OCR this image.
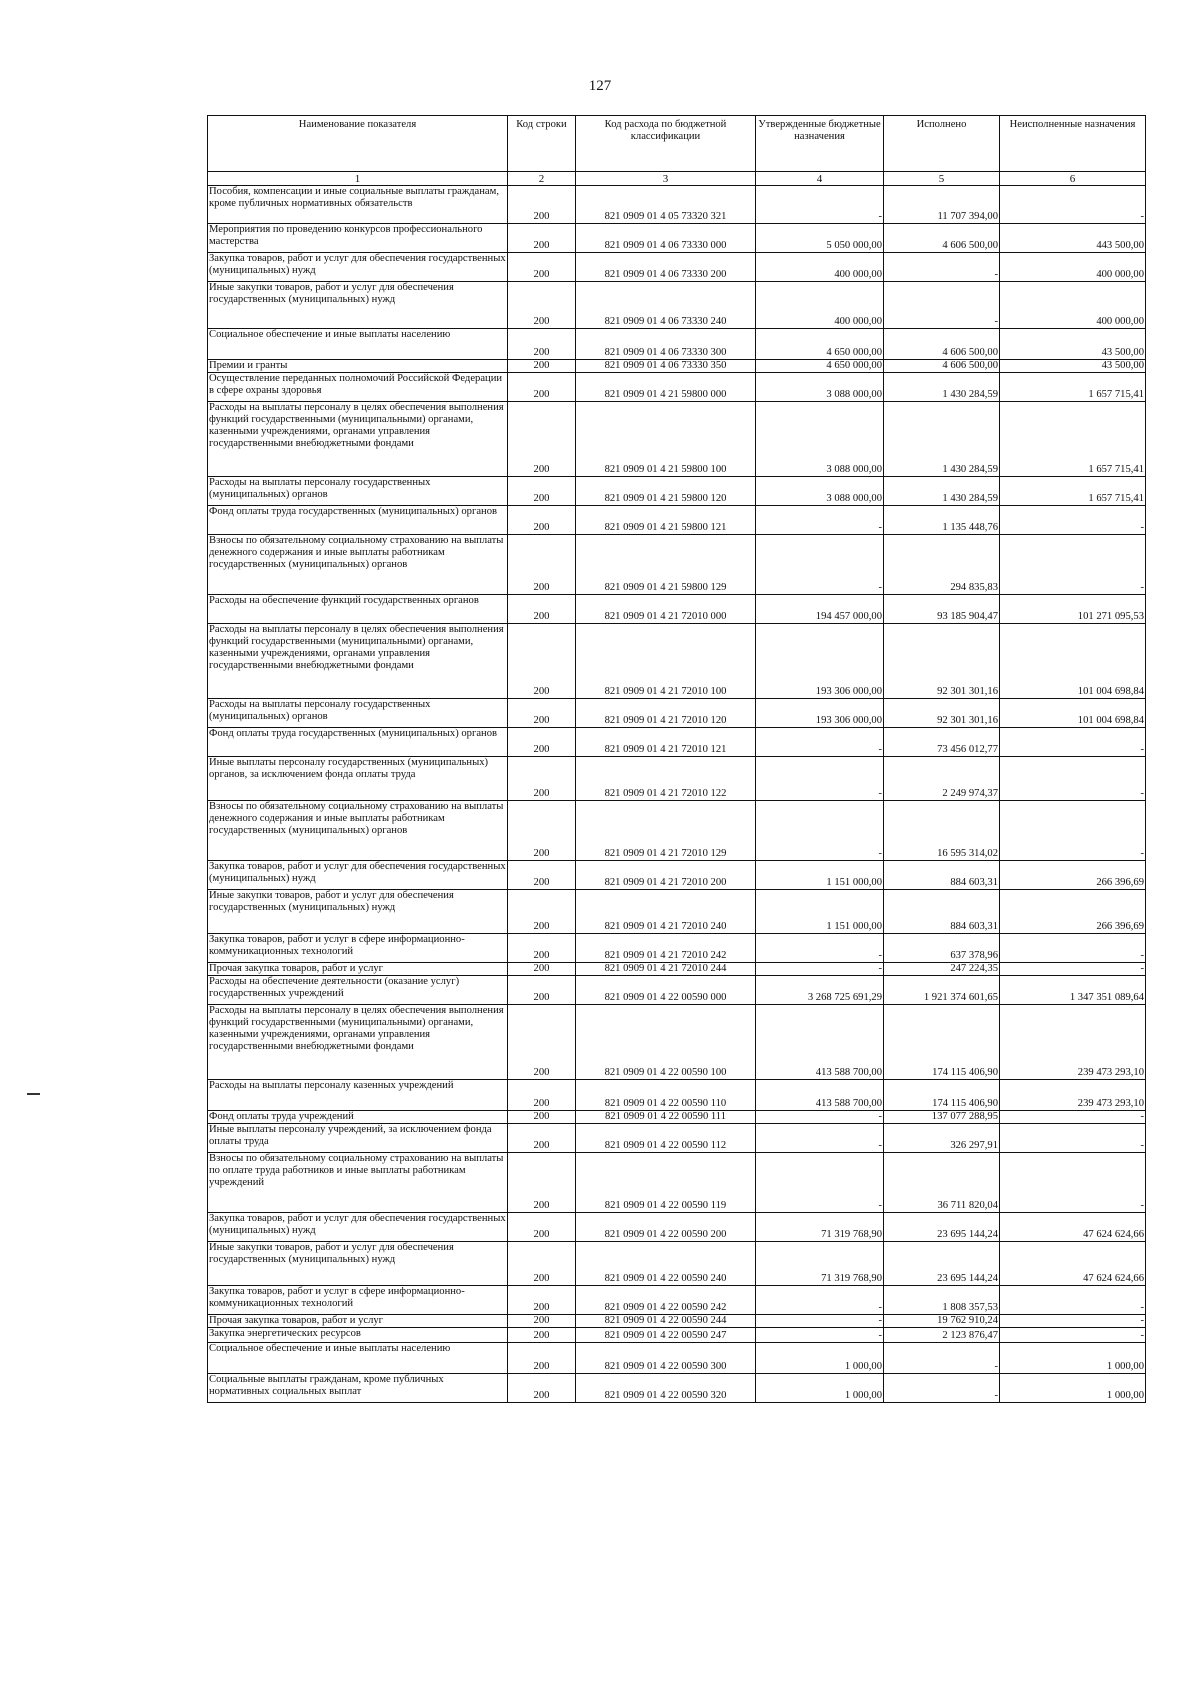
127
Наименование показателя	Код строки	Код расхода по бюджетной классификации	Утвержденные бюджетные назначения	Исполнено	Неисполненные назначения
1	2	3	4	5	6
Пособия, компенсации и иные социальные выплаты гражданам, кроме публичных нормативных обязательств	200	821 0909 01 4 05 73320 321	-	11 707 394,00	-
Мероприятия по проведению конкурсов профессионального мастерства	200	821 0909 01 4 06 73330 000	5 050 000,00	4 606 500,00	443 500,00
Закупка товаров, работ и услуг для обеспечения государственных (муниципальных) нужд	200	821 0909 01 4 06 73330 200	400 000,00	-	400 000,00
Иные закупки товаров, работ и услуг для обеспечения государственных (муниципальных) нужд	200	821 0909 01 4 06 73330 240	400 000,00	-	400 000,00
Социальное обеспечение и иные выплаты населению	200	821 0909 01 4 06 73330 300	4 650 000,00	4 606 500,00	43 500,00
Премии и гранты	200	821 0909 01 4 06 73330 350	4 650 000,00	4 606 500,00	43 500,00
Осуществление переданных полномочий Российской Федерации в сфере охраны здоровья	200	821 0909 01 4 21 59800 000	3 088 000,00	1 430 284,59	1 657 715,41
Расходы на выплаты персоналу в целях обеспечения выполнения функций государственными (муниципальными) органами, казенными учреждениями, органами управления государственными внебюджетными фондами	200	821 0909 01 4 21 59800 100	3 088 000,00	1 430 284,59	1 657 715,41
Расходы на выплаты персоналу государственных (муниципальных) органов	200	821 0909 01 4 21 59800 120	3 088 000,00	1 430 284,59	1 657 715,41
Фонд оплаты труда государственных (муниципальных) органов	200	821 0909 01 4 21 59800 121	-	1 135 448,76	-
Взносы по обязательному социальному страхованию на выплаты денежного содержания и иные выплаты работникам государственных (муниципальных) органов	200	821 0909 01 4 21 59800 129	-	294 835,83	-
Расходы на обеспечение функций государственных органов	200	821 0909 01 4 21 72010 000	194 457 000,00	93 185 904,47	101 271 095,53
Расходы на выплаты персоналу в целях обеспечения выполнения функций государственными (муниципальными) органами, казенными учреждениями, органами управления государственными внебюджетными фондами	200	821 0909 01 4 21 72010 100	193 306 000,00	92 301 301,16	101 004 698,84
Расходы на выплаты персоналу государственных (муниципальных) органов	200	821 0909 01 4 21 72010 120	193 306 000,00	92 301 301,16	101 004 698,84
Фонд оплаты труда государственных (муниципальных) органов	200	821 0909 01 4 21 72010 121	-	73 456 012,77	-
Иные выплаты персоналу государственных (муниципальных) органов, за исключением фонда оплаты труда	200	821 0909 01 4 21 72010 122	-	2 249 974,37	-
Взносы по обязательному социальному страхованию на выплаты денежного содержания и иные выплаты работникам государственных (муниципальных) органов	200	821 0909 01 4 21 72010 129	-	16 595 314,02	-
Закупка товаров, работ и услуг для обеспечения государственных (муниципальных) нужд	200	821 0909 01 4 21 72010 200	1 151 000,00	884 603,31	266 396,69
Иные закупки товаров, работ и услуг для обеспечения государственных (муниципальных) нужд	200	821 0909 01 4 21 72010 240	1 151 000,00	884 603,31	266 396,69
Закупка товаров, работ и услуг в сфере информационно-коммуникационных технологий	200	821 0909 01 4 21 72010 242	-	637 378,96	-
Прочая закупка товаров, работ и услуг	200	821 0909 01 4 21 72010 244	-	247 224,35	-
Расходы на обеспечение деятельности (оказание услуг) государственных учреждений	200	821 0909 01 4 22 00590 000	3 268 725 691,29	1 921 374 601,65	1 347 351 089,64
Расходы на выплаты персоналу в целях обеспечения выполнения функций государственными (муниципальными) органами, казенными учреждениями, органами управления государственными внебюджетными фондами	200	821 0909 01 4 22 00590 100	413 588 700,00	174 115 406,90	239 473 293,10
Расходы на выплаты персоналу казенных учреждений	200	821 0909 01 4 22 00590 110	413 588 700,00	174 115 406,90	239 473 293,10
Фонд оплаты труда учреждений	200	821 0909 01 4 22 00590 111	-	137 077 288,95	-
Иные выплаты персоналу учреждений, за исключением фонда оплаты труда	200	821 0909 01 4 22 00590 112	-	326 297,91	-
Взносы по обязательному социальному страхованию на выплаты по оплате труда работников и иные выплаты работникам учреждений	200	821 0909 01 4 22 00590 119	-	36 711 820,04	-
Закупка товаров, работ и услуг для обеспечения государственных (муниципальных) нужд	200	821 0909 01 4 22 00590 200	71 319 768,90	23 695 144,24	47 624 624,66
Иные закупки товаров, работ и услуг для обеспечения государственных (муниципальных) нужд	200	821 0909 01 4 22 00590 240	71 319 768,90	23 695 144,24	47 624 624,66
Закупка товаров, работ и услуг в сфере информационно-коммуникационных технологий	200	821 0909 01 4 22 00590 242	-	1 808 357,53	-
Прочая закупка товаров, работ и услуг	200	821 0909 01 4 22 00590 244	-	19 762 910,24	-
Закупка энергетических ресурсов	200	821 0909 01 4 22 00590 247	-	2 123 876,47	-
Социальное обеспечение и иные выплаты населению	200	821 0909 01 4 22 00590 300	1 000,00	-	1 000,00
Социальные выплаты гражданам, кроме публичных нормативных социальных выплат	200	821 0909 01 4 22 00590 320	1 000,00	-	1 000,00
